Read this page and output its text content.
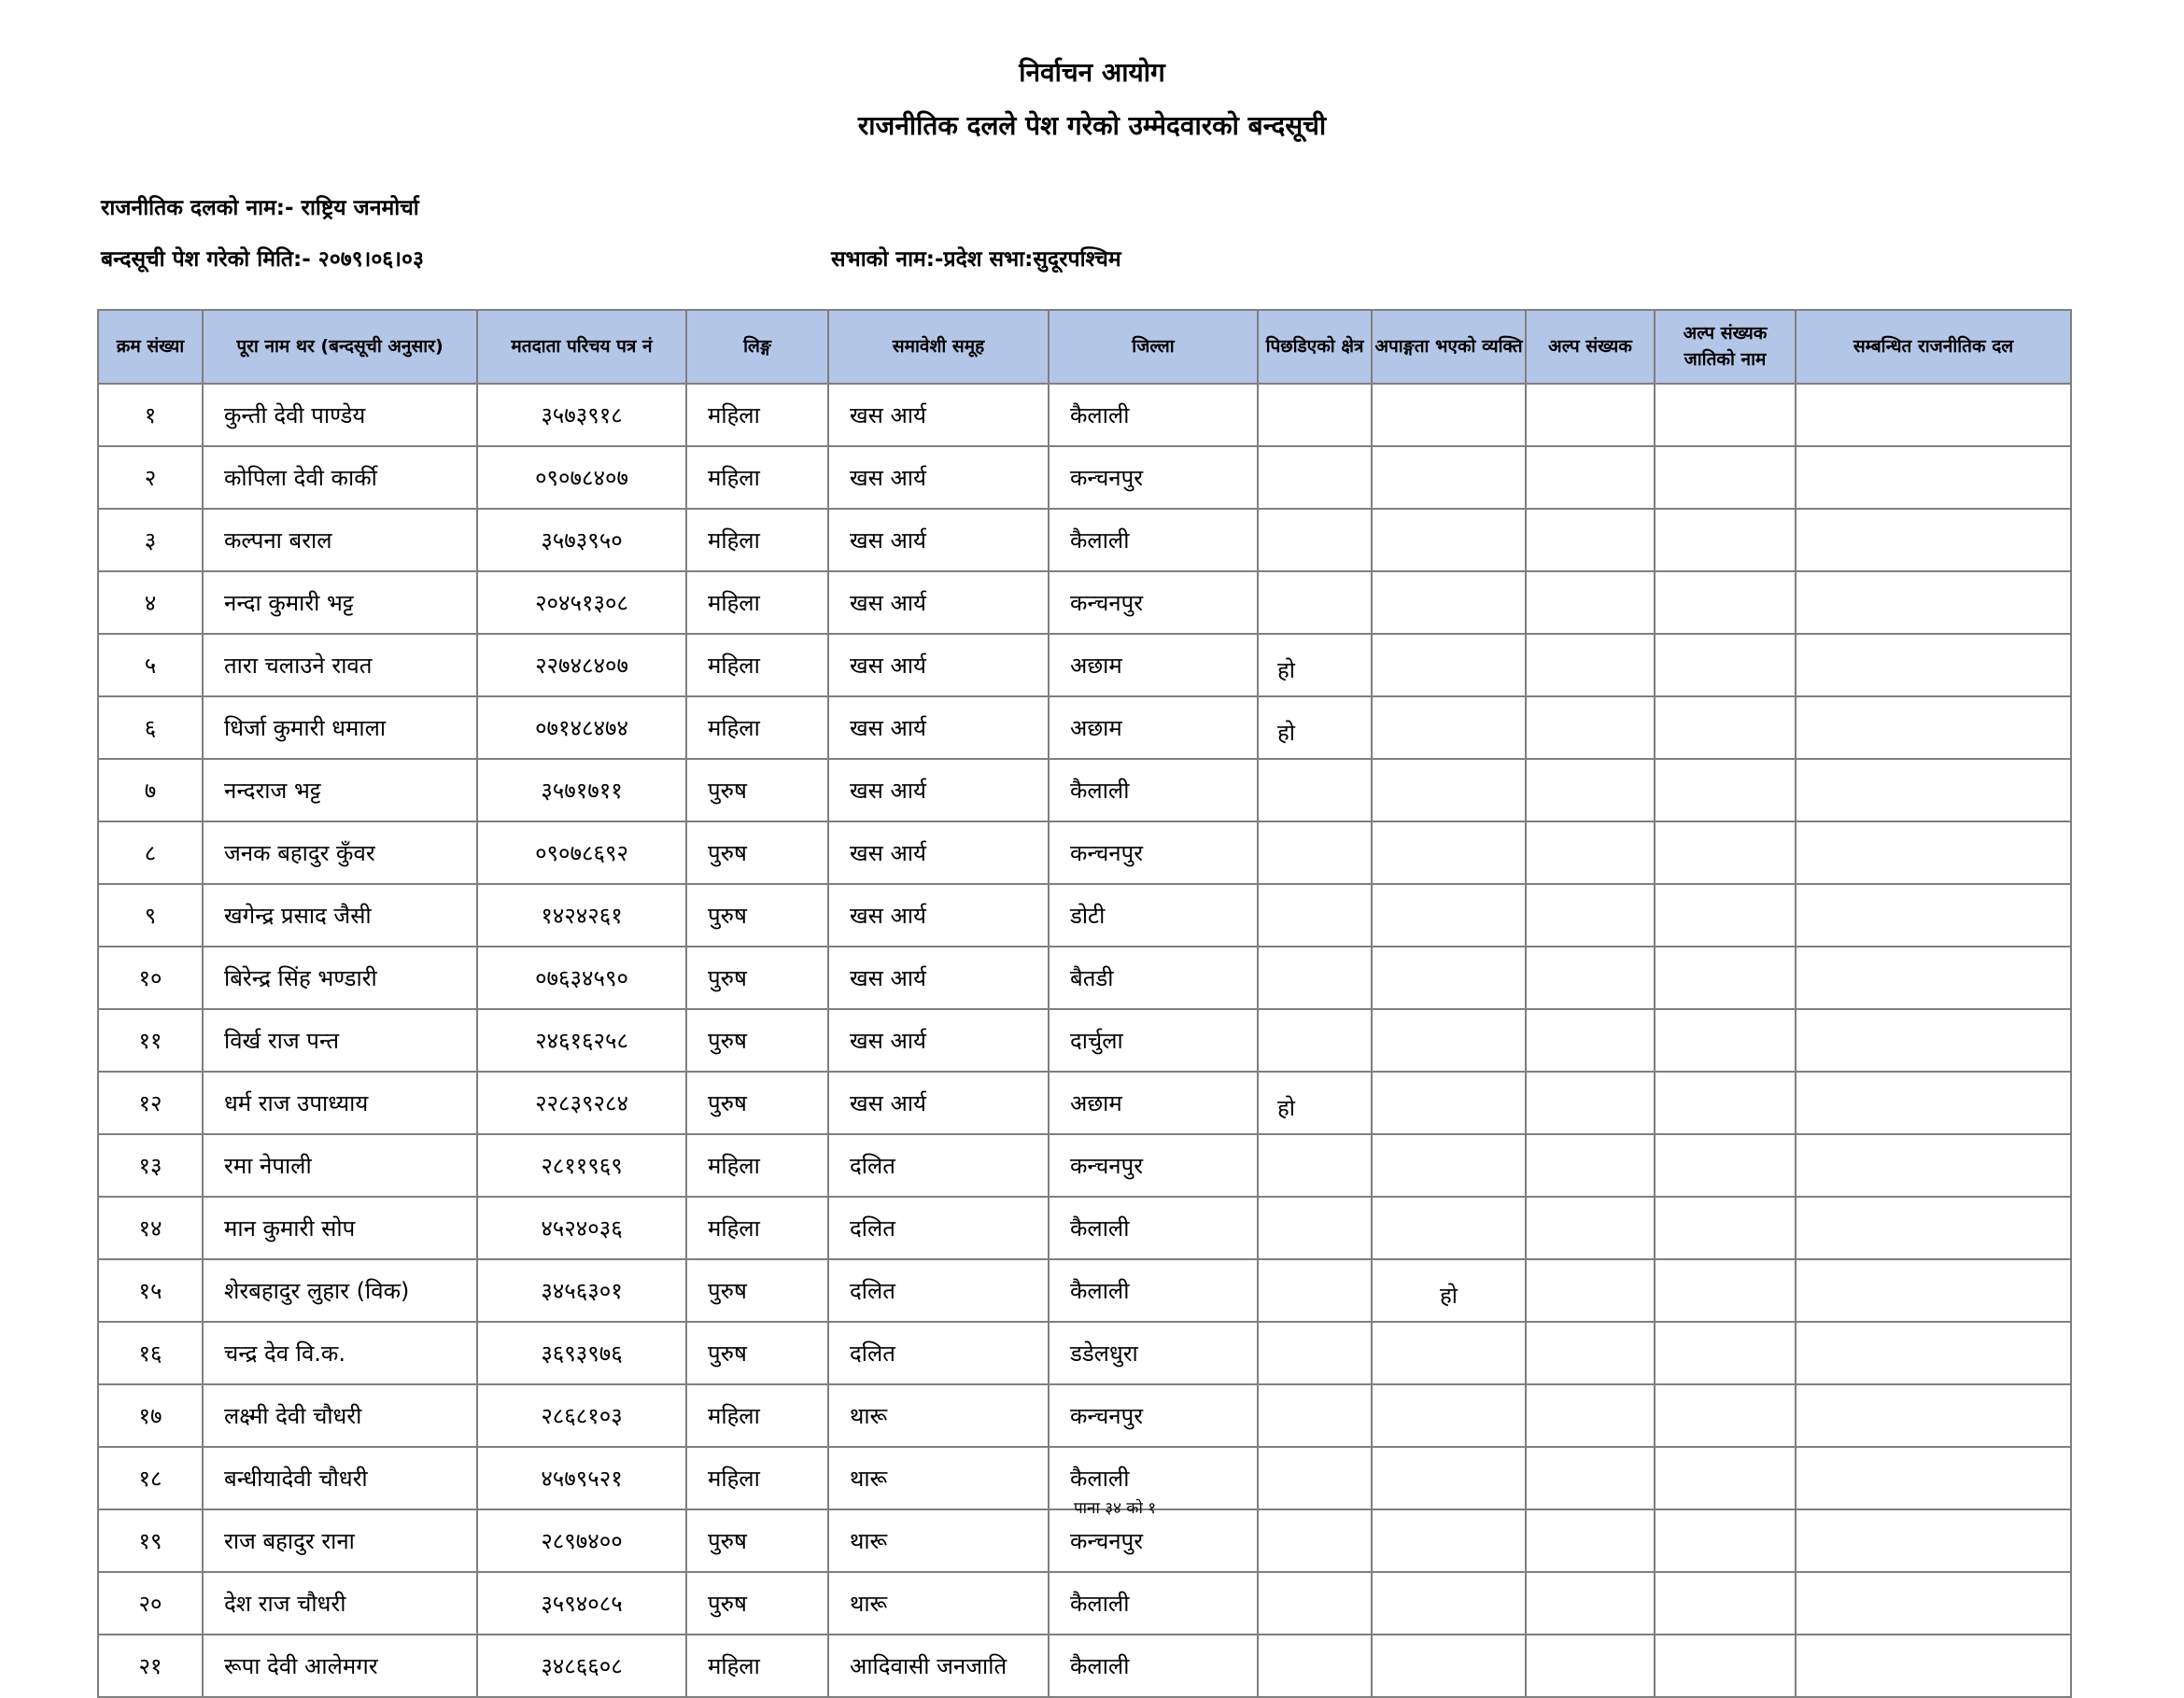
निर्वाचन आयोग
राजनीतिक दलले पेश गरेको उम्मेदवारको बन्दसूची
राजनीतिक दलको नाम:- राष्ट्रिय जनमोर्चा
बन्दसूची पेश गरेको मिति:- २०७९।०६।०३	सभाको नाम:-प्रदेश सभा:सुदूरपश्चिम
क्रम संख्या	पूरा नाम थर (बन्दसूची अनुसार)	मतदाता परिचय पत्र नं	लिङ्ग	समावेशी समूह	जिल्ला	पिछडिएको क्षेत्र	अपाङ्गता भएको व्यक्ति	अल्प संख्यक	अल्प संख्यक जातिको नाम	सम्बन्धित राजनीतिक दल
१	कुन्ती देवी पाण्डेय	३५७३९१८	महिला	खस आर्य	कैलाली					
२	कोपिला देवी कार्की	०९०७८४०७	महिला	खस आर्य	कन्चनपुर					
३	कल्पना बराल	३५७३९५०	महिला	खस आर्य	कैलाली					
४	नन्दा कुमारी भट्ट	२०४५१३०८	महिला	खस आर्य	कन्चनपुर					
५	तारा चलाउने रावत	२२७४८४०७	महिला	खस आर्य	अछाम	हो				
६	धिर्जा कुमारी धमाला	०७१४८४७४	महिला	खस आर्य	अछाम	हो				
७	नन्दराज भट्ट	३५७१७११	पुरुष	खस आर्य	कैलाली					
८	जनक बहादुर कुँवर	०९०७८६९२	पुरुष	खस आर्य	कन्चनपुर					
९	खगेन्द्र प्रसाद जैसी	१४२४२६१	पुरुष	खस आर्य	डोटी					
१०	बिरेन्द्र सिंह भण्डारी	०७६३४५९०	पुरुष	खस आर्य	बैतडी					
११	विर्ख राज पन्त	२४६१६२५८	पुरुष	खस आर्य	दार्चुला					
१२	धर्म राज उपाध्याय	२२८३९२८४	पुरुष	खस आर्य	अछाम	हो				
१३	रमा नेपाली	२८११९६९	महिला	दलित	कन्चनपुर					
१४	मान कुमारी सोप	४५२४०३६	महिला	दलित	कैलाली					
१५	शेरबहादुर लुहार (विक)	३४५६३०१	पुरुष	दलित	कैलाली		हो			
१६	चन्द्र देव वि.क.	३६९३९७६	पुरुष	दलित	डडेलधुरा					
१७	लक्ष्मी देवी चौधरी	२८६८१०३	महिला	थारू	कन्चनपुर					
१८	बन्धीयादेवी चौधरी	४५७९५२१	महिला	थारू	कैलाली					
१९	राज बहादुर राना	२८९७४००	पुरुष	थारू	कन्चनपुर					
२०	देश राज चौधरी	३५९४०८५	पुरुष	थारू	कैलाली					
२१	रूपा देवी आलेमगर	३४८६६०८	महिला	आदिवासी जनजाति	कैलाली					
पाना ३४ को १
